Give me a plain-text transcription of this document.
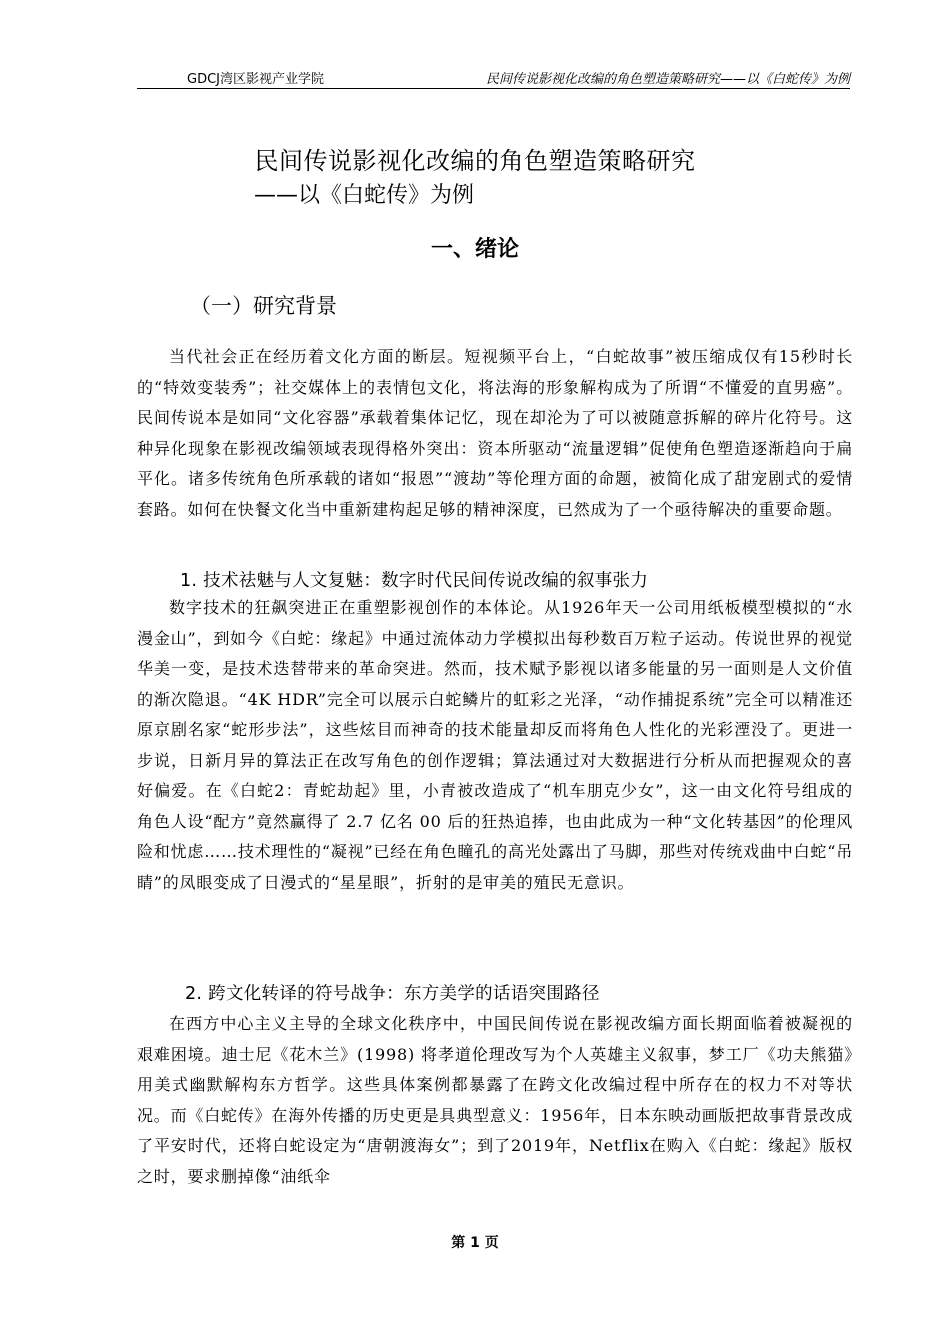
GDCJ湾区影视产业学院	民间传说影视化改编的角色塑造策略研究——以《白蛇传》为例
民间传说影视化改编的角色塑造策略研究
——以《白蛇传》为例
一、绪论
（一）研究背景

当代社会正在经历着文化方面的断层。短视频平台上，“白蛇故事”被压缩成仅有15秒时长的“特效变装秀”；社交媒体上的表情包文化，将法海的形象解构成为了所谓“不懂爱的直男癌”。民间传说本是如同“文化容器”承载着集体记忆，现在却沦为了可以被随意拆解的碎片化符号。这种异化现象在影视改编领域表现得格外突出：资本所驱动“流量逻辑”促使角色塑造逐渐趋向于扁平化。诸多传统角色所承载的诸如“报恩”“渡劫”等伦理方面的命题，被简化成了甜宠剧式的爱情套路。如何在快餐文化当中重新建构起足够的精神深度，已然成为了一个亟待解决的重要命题。

1. 技术祛魅与人文复魅：数字时代民间传说改编的叙事张力

数字技术的狂飙突进正在重塑影视创作的本体论。从1926年天一公司用纸板模型模拟的“水漫金山”，到如今《白蛇：缘起》中通过流体动力学模拟出每秒数百万粒子运动。传说世界的视觉华美一变，是技术迭替带来的革命突进。然而，技术赋予影视以诸多能量的另一面则是人文价值的渐次隐退。“4K HDR”完全可以展示白蛇鳞片的虹彩之光泽，“动作捕捉系统”完全可以精准还原京剧名家“蛇形步法”，这些炫目而神奇的技术能量却反而将角色人性化的光彩湮没了。更进一步说，日新月异的算法正在改写角色的创作逻辑；算法通过对大数据进行分析从而把握观众的喜好偏爱。在《白蛇2：青蛇劫起》里，小青被改造成了“机车朋克少女”，这一由文化符号组成的角色人设“配方”竟然赢得了 2.7 亿名 00 后的狂热追捧，也由此成为一种“文化转基因”的伦理风险和忧虑……技术理性的“凝视”已经在角色瞳孔的高光处露出了马脚，那些对传统戏曲中白蛇“吊睛”的凤眼变成了日漫式的“星星眼”，折射的是审美的殖民无意识。

2. 跨文化转译的符号战争：东方美学的话语突围路径

在西方中心主义主导的全球文化秩序中，中国民间传说在影视改编方面长期面临着被凝视的艰难困境。迪士尼《花木兰》(1998) 将孝道伦理改写为个人英雄主义叙事，梦工厂《功夫熊猫》用美式幽默解构东方哲学。这些具体案例都暴露了在跨文化改编过程中所存在的权力不对等状况。而《白蛇传》在海外传播的历史更是具典型意义：1956年，日本东映动画版把故事背景改成了平安时代，还将白蛇设定为“唐朝渡海女”；到了2019年，Netflix在购入《白蛇：缘起》版权之时，要求删掉像“油纸伞

第 1 页
